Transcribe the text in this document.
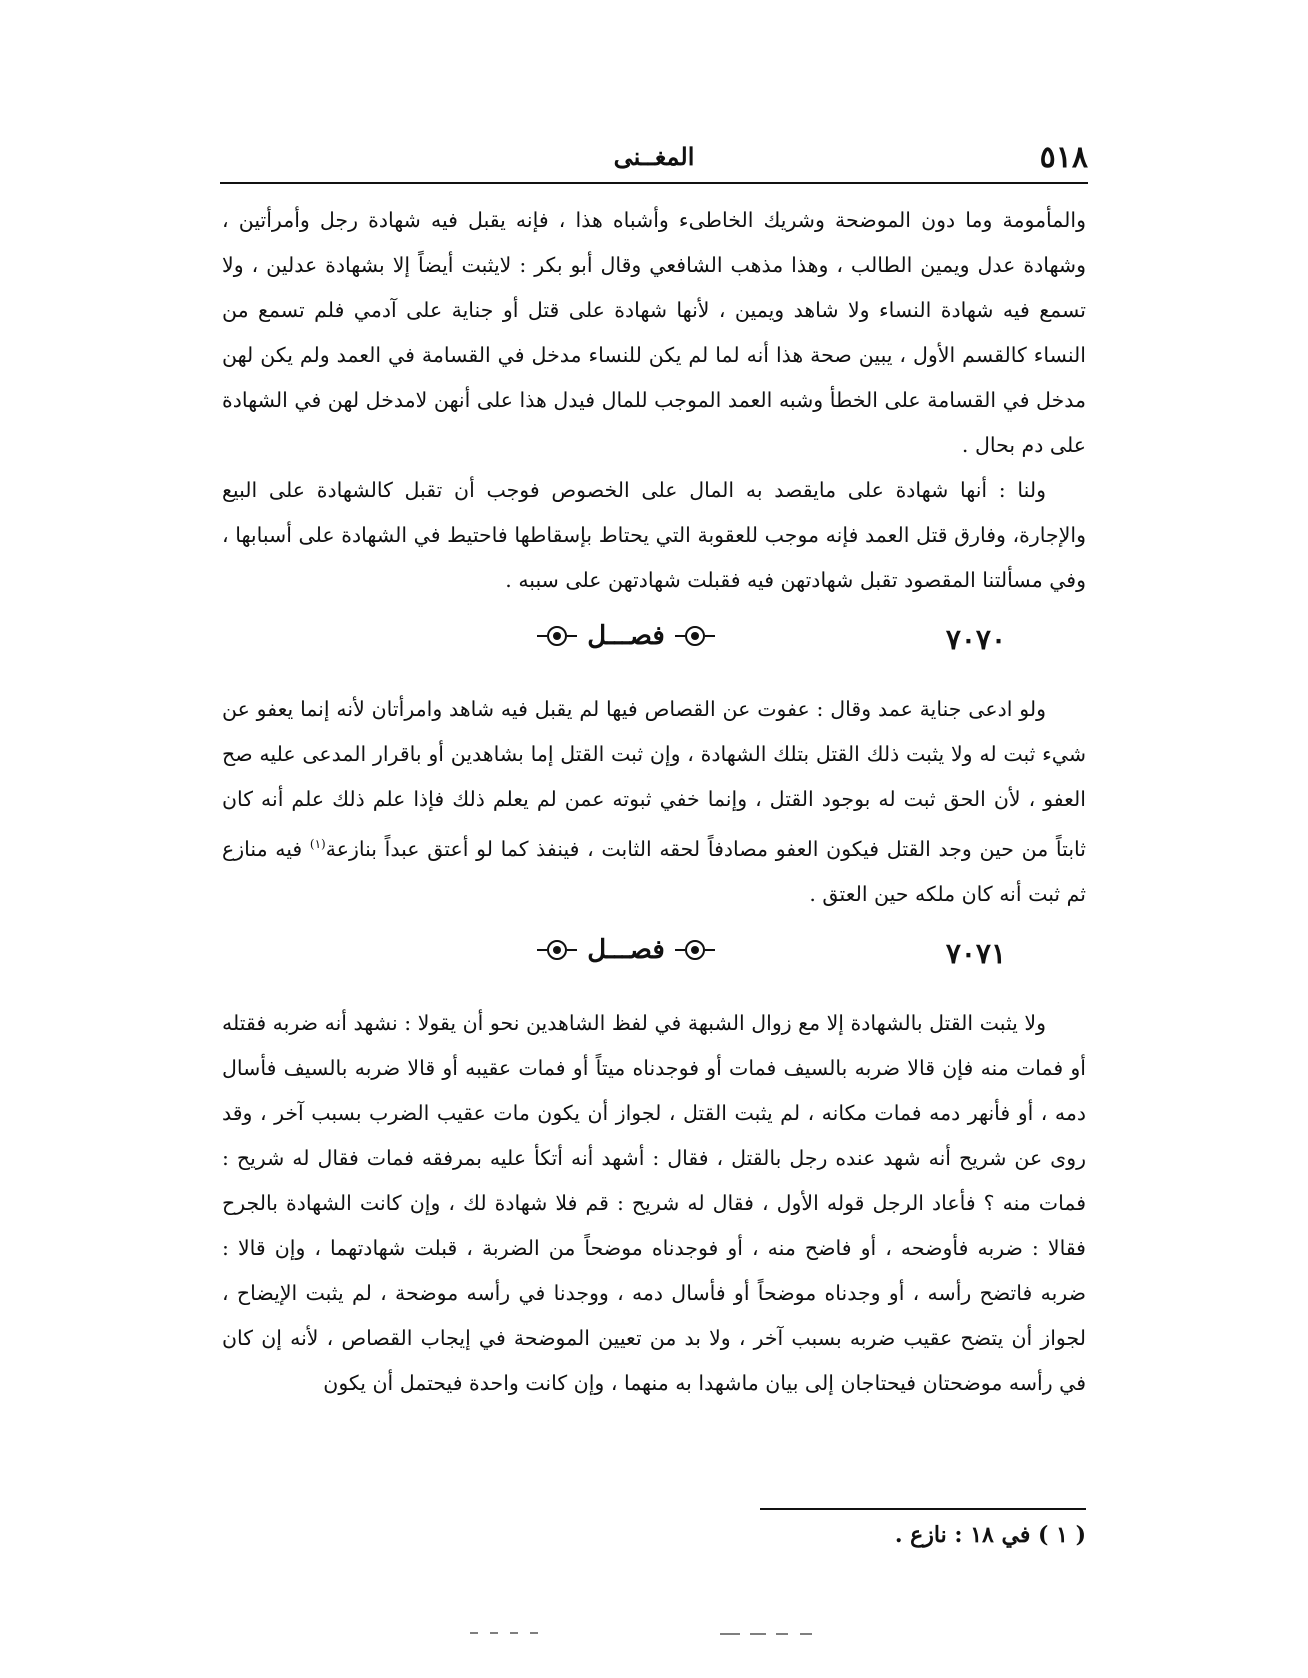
٥١٨
المغــنى

والمأمومة وما دون الموضحة وشريك الخاطىء وأشباه هذا ، فإنه يقبل فيه شهادة رجل وأمرأتين ، وشهادة عدل ويمين الطالب ، وهذا مذهب الشافعي وقال أبو بكر : لايثبت أيضاً إلا بشهادة عدلين ، ولا تسمع فيه شهادة النساء ولا شاهد ويمين ، لأنها شهادة على قتل أو جناية على آدمي فلم تسمع من النساء كالقسم الأول ، يبين صحة هذا أنه لما لم يكن للنساء مدخل في القسامة في العمد ولم يكن لهن مدخل في القسامة على الخطأ وشبه العمد الموجب للمال فيدل هذا على أنهن لامدخل لهن في الشهادة على دم بحال .

ولنا : أنها شهادة على مايقصد به المال على الخصوص فوجب أن تقبل كالشهادة على البيع والإجارة، وفارق قتل العمد فإنه موجب للعقوبة التي يحتاط بإسقاطها فاحتيط في الشهادة على أسبابها ، وفي مسألتنا المقصود تقبل شهادتهن فيه فقبلت شهادتهن على سببه .

٧٠٧٠
فصـــل

ولو ادعى جناية عمد وقال : عفوت عن القصاص فيها لم يقبل فيه شاهد وامرأتان لأنه إنما يعفو عن شيء ثبت له ولا يثبت ذلك القتل بتلك الشهادة ، وإن ثبت القتل إما بشاهدين أو باقرار المدعى عليه صح العفو ، لأن الحق ثبت له بوجود القتل ، وإنما خفي ثبوته عمن لم يعلم ذلك فإذا علم ذلك علم أنه كان ثابتاً من حين وجد القتل فيكون العفو مصادفاً لحقه الثابت ، فينفذ كما لو أعتق عبداً بنازعة$^{(١)}$ فيه منازع ثم ثبت أنه كان ملكه حين العتق .

٧٠٧١
فصـــل

ولا يثبت القتل بالشهادة إلا مع زوال الشبهة في لفظ الشاهدين نحو أن يقولا : نشهد أنه ضربه فقتله أو فمات منه فإن قالا ضربه بالسيف فمات أو فوجدناه ميتاً أو فمات عقيبه أو قالا ضربه بالسيف فأسال دمه ، أو فأنهر دمه فمات مكانه ، لم يثبت القتل ، لجواز أن يكون مات عقيب الضرب بسبب آخر ، وقد روى عن شريح أنه شهد عنده رجل بالقتل ، فقال : أشهد أنه أتكأ عليه بمرفقه فمات فقال له شريح : فمات منه ؟ فأعاد الرجل قوله الأول ، فقال له شريح : قم فلا شهادة لك ، وإن كانت الشهادة بالجرح فقالا : ضربه فأوضحه ، أو فاضح منه ، أو فوجدناه موضحاً من الضربة ، قبلت شهادتهما ، وإن قالا : ضربه فاتضح رأسه ، أو وجدناه موضحاً أو فأسال دمه ، ووجدنا في رأسه موضحة ، لم يثبت الإيضاح ، لجواز أن يتضح عقيب ضربه بسبب آخر ، ولا بد من تعيين الموضحة في إيجاب القصاص ، لأنه إن كان في رأسه موضحتان فيحتاجان إلى بيان ماشهدا به منهما ، وإن كانت واحدة فيحتمل أن يكون

( ١ ) في ١٨ : نازع .
